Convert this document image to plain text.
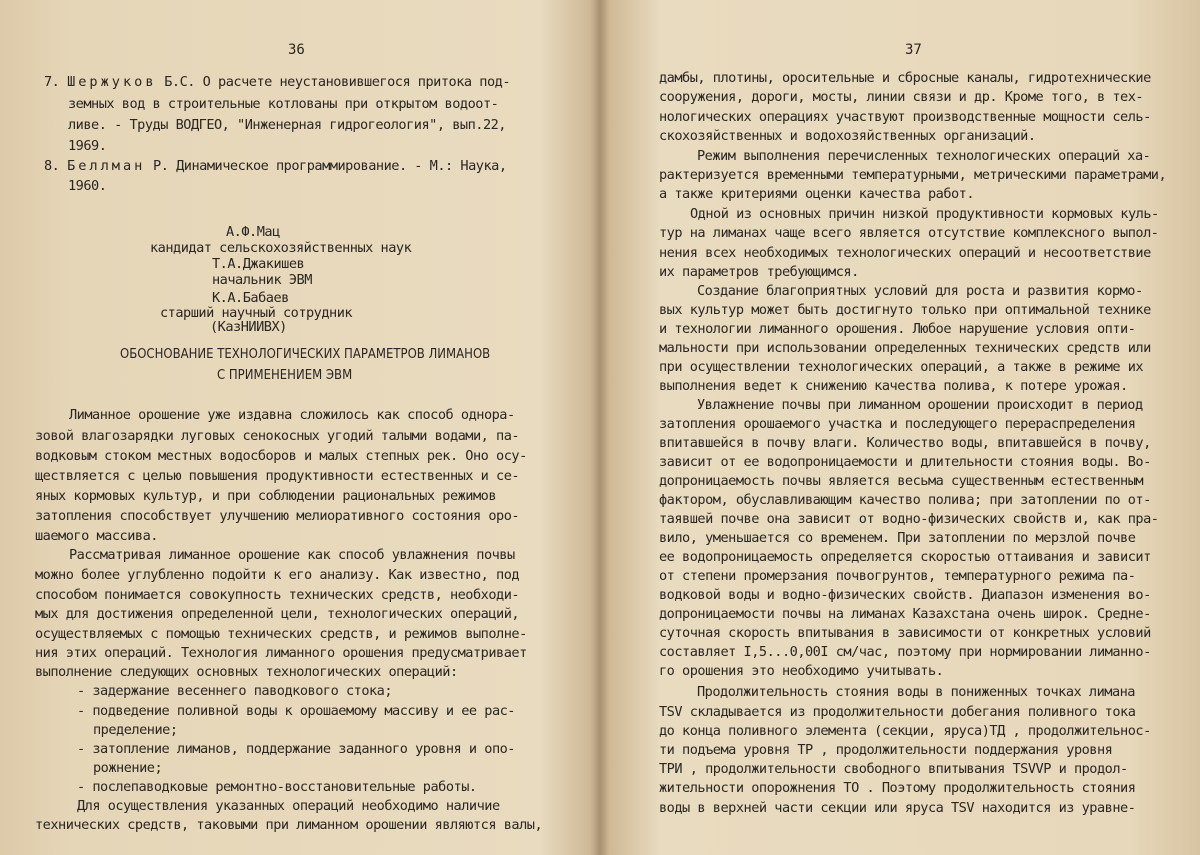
36
7. Шержуков Б.С. О расчете неустановившегося притока под-
земных вод в строительные котлованы при открытом водоот-
ливе. - Труды ВОДГЕО, "Инженерная гидрогеология", вып.22,
1969.
8. Беллман Р. Динамическое программирование. - М.: Наука,
1960.
А.Ф.Мац
кандидат сельскохозяйственных наук
Т.А.Джакишев
начальник ЭВМ
К.А.Бабаев
старший научный сотрудник
(КазНИИВХ)
ОБОСНОВАНИЕ ТЕХНОЛОГИЧЕСКИХ ПАРАМЕТРОВ ЛИМАНОВ
С ПРИМЕНЕНИЕМ ЭВМ
Лиманное орошение уже издавна сложилось как способ однора-
зовой влагозарядки луговых сенокосных угодий талыми водами, па-
водковым стоком местных водосборов и малых степных рек. Оно осу-
ществляется с целью повышения продуктивности естественных и се-
яных кормовых культур, и при соблюдении рациональных режимов
затопления способствует улучшению мелиоративного состояния оро-
шаемого массива.
Рассматривая лиманное орошение как способ увлажнения почвы
можно более углубленно подойти к его анализу. Как известно, под
способом понимается совокупность технических средств, необходи-
мых для достижения определенной цели, технологических операций,
осуществляемых с помощью технических средств, и режимов выполне-
ния этих операций. Технология лиманного орошения предусматривает
выполнение следующих основных технологических операций:
- задержание весеннего паводкового стока;
- подведение поливной воды к орошаемому массиву и ее рас-
пределение;
- затопление лиманов, поддержание заданного уровня и опо-
рожнение;
- послепаводковые ремонтно-восстановительные работы.
Для осуществления указанных операций необходимо наличие
технических средств, таковыми при лиманном орошении являются валы,
37
дамбы, плотины, оросительные и сбросные каналы, гидротехнические
сооружения, дороги, мосты, линии связи и др. Кроме того, в тех-
нологических операциях участвуют производственные мощности сель-
скохозяйственных и водохозяйственных организаций.
Режим выполнения перечисленных технологических операций ха-
рактеризуется временными температурными, метрическими параметрами,
а также критериями оценки качества работ.
Одной из основных причин низкой продуктивности кормовых куль-
тур на лиманах чаще всего является отсутствие комплексного выпол-
нения всех необходимых технологических операций и несоответствие
их параметров требующимся.
Создание благоприятных условий для роста и развития кормо-
вых культур может быть достигнуто только при оптимальной технике
и технологии лиманного орошения. Любое нарушение условия опти-
мальности при использовании определенных технических средств или
при осуществлении технологических операций, а также в режиме их
выполнения ведет к снижению качества полива, к потере урожая.
Увлажнение почвы при лиманном орошении происходит в период
затопления орошаемого участка и последующего перераспределения
впитавшейся в почву влаги. Количество воды, впитавшейся в почву,
зависит от ее водопроницаемости и длительности стояния воды. Во-
допроницаемость почвы является весьма существенным естественным
фактором, обуславливающим качество полива; при затоплении по от-
таявшей почве она зависит от водно-физических свойств и, как пра-
вило, уменьшается со временем. При затоплении по мерзлой почве
ее водопроницаемость определяется скоростью оттаивания и зависит
от степени промерзания почвогрунтов, температурного режима па-
водковой воды и водно-физических свойств. Диапазон изменения во-
допроницаемости почвы на лиманах Казахстана очень широк. Средне-
суточная скорость впитывания в зависимости от конкретных условий
составляет I,5...0,00I см/час, поэтому при нормировании лиманно-
го орошения это необходимо учитывать.
Продолжительность стояния воды в пониженных точках лимана
TSV складывается из продолжительности добегания поливного тока
до конца поливного элемента (секции, яруса)TД , продолжительнос-
ти подъема уровня TP , продолжительности поддержания уровня
TPИ , продолжительности свободного впитывания TSVVP и продол-
жительности опорожнения TO . Поэтому продолжительность стояния
воды в верхней части секции или яруса TSV находится из уравне-
